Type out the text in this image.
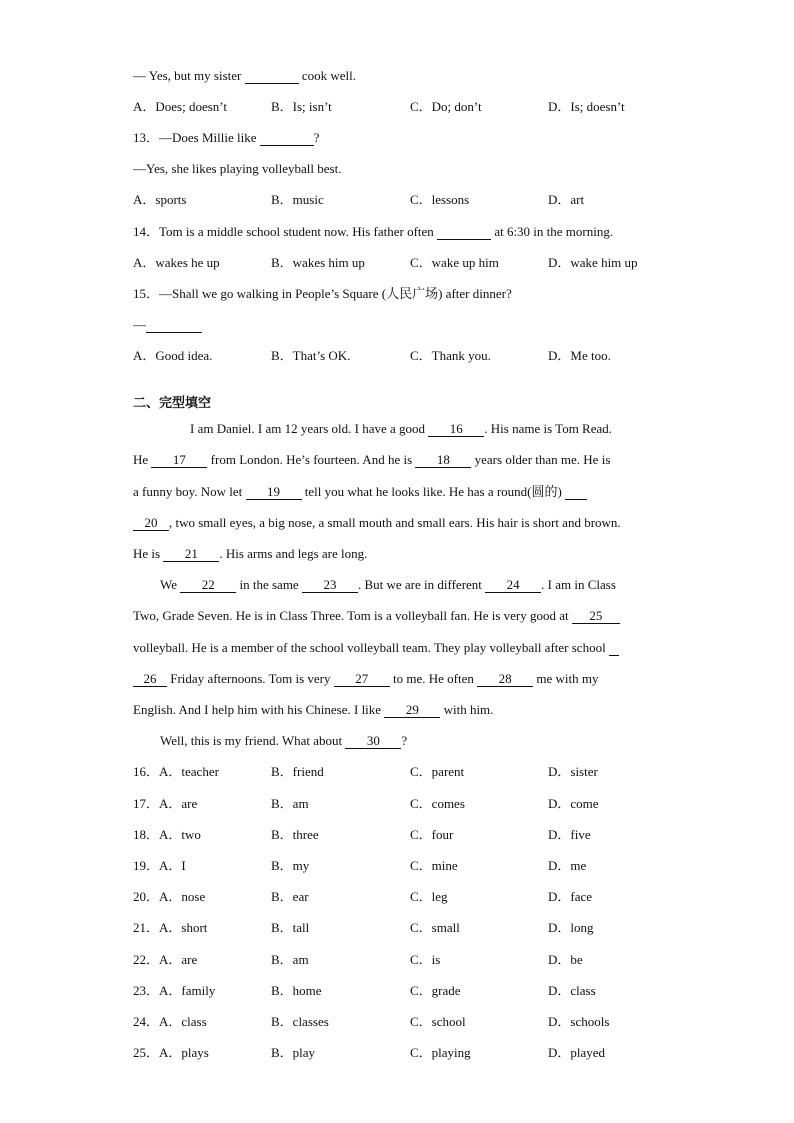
— Yes, but my sister	cook well.
A．Does; doesn’t	B．Is; isn’t	C．Do; don’t	D．Is; doesn’t
13．—Does Millie like	?
—Yes, she likes playing volleyball best.
A．sports	B．music	C．lessons	D．art
14．Tom is a middle school student now. His father often	at 6:30 in the morning.
A．wakes he up	B．wakes him up	C．wake up him	D．wake him up
15．—Shall we go walking in People’s Square (人民广场) after dinner?
—
A．Good idea.	B．That’s OK.	C．Thank you.	D．Me too.
二、完型填空
I am Daniel. I am 12 years old. I have a good 16 . His name is Tom Read.
He 17 from London. He’s fourteen. And he is 18 years older than me. He is
a funny boy. Now let 19 tell you what he looks like. He has a round(圆的)
20 , two small eyes, a big nose, a small mouth and small ears. His hair is short and brown.
He is 21 . His arms and legs are long.
We 22 in the same 23 . But we are in different 24 . I am in Class
Two, Grade Seven. He is in Class Three. Tom is a volleyball fan. He is very good at 25
volleyball. He is a member of the school volleyball team. They play volleyball after school
26 Friday afternoons. Tom is very 27 to me. He often 28 me with my
English. And I help him with his Chinese. I like 29 with him.
Well, this is my friend. What about 30 ?
16．A．teacher	B．friend	C．parent	D．sister
17．A．are	B．am	C．comes	D．come
18．A．two	B．three	C．four	D．five
19．A．I	B．my	C．mine	D．me
20．A．nose	B．ear	C．leg	D．face
21．A．short	B．tall	C．small	D．long
22．A．are	B．am	C．is	D．be
23．A．family	B．home	C．grade	D．class
24．A．class	B．classes	C．school	D．schools
25．A．plays	B．play	C．playing	D．played
